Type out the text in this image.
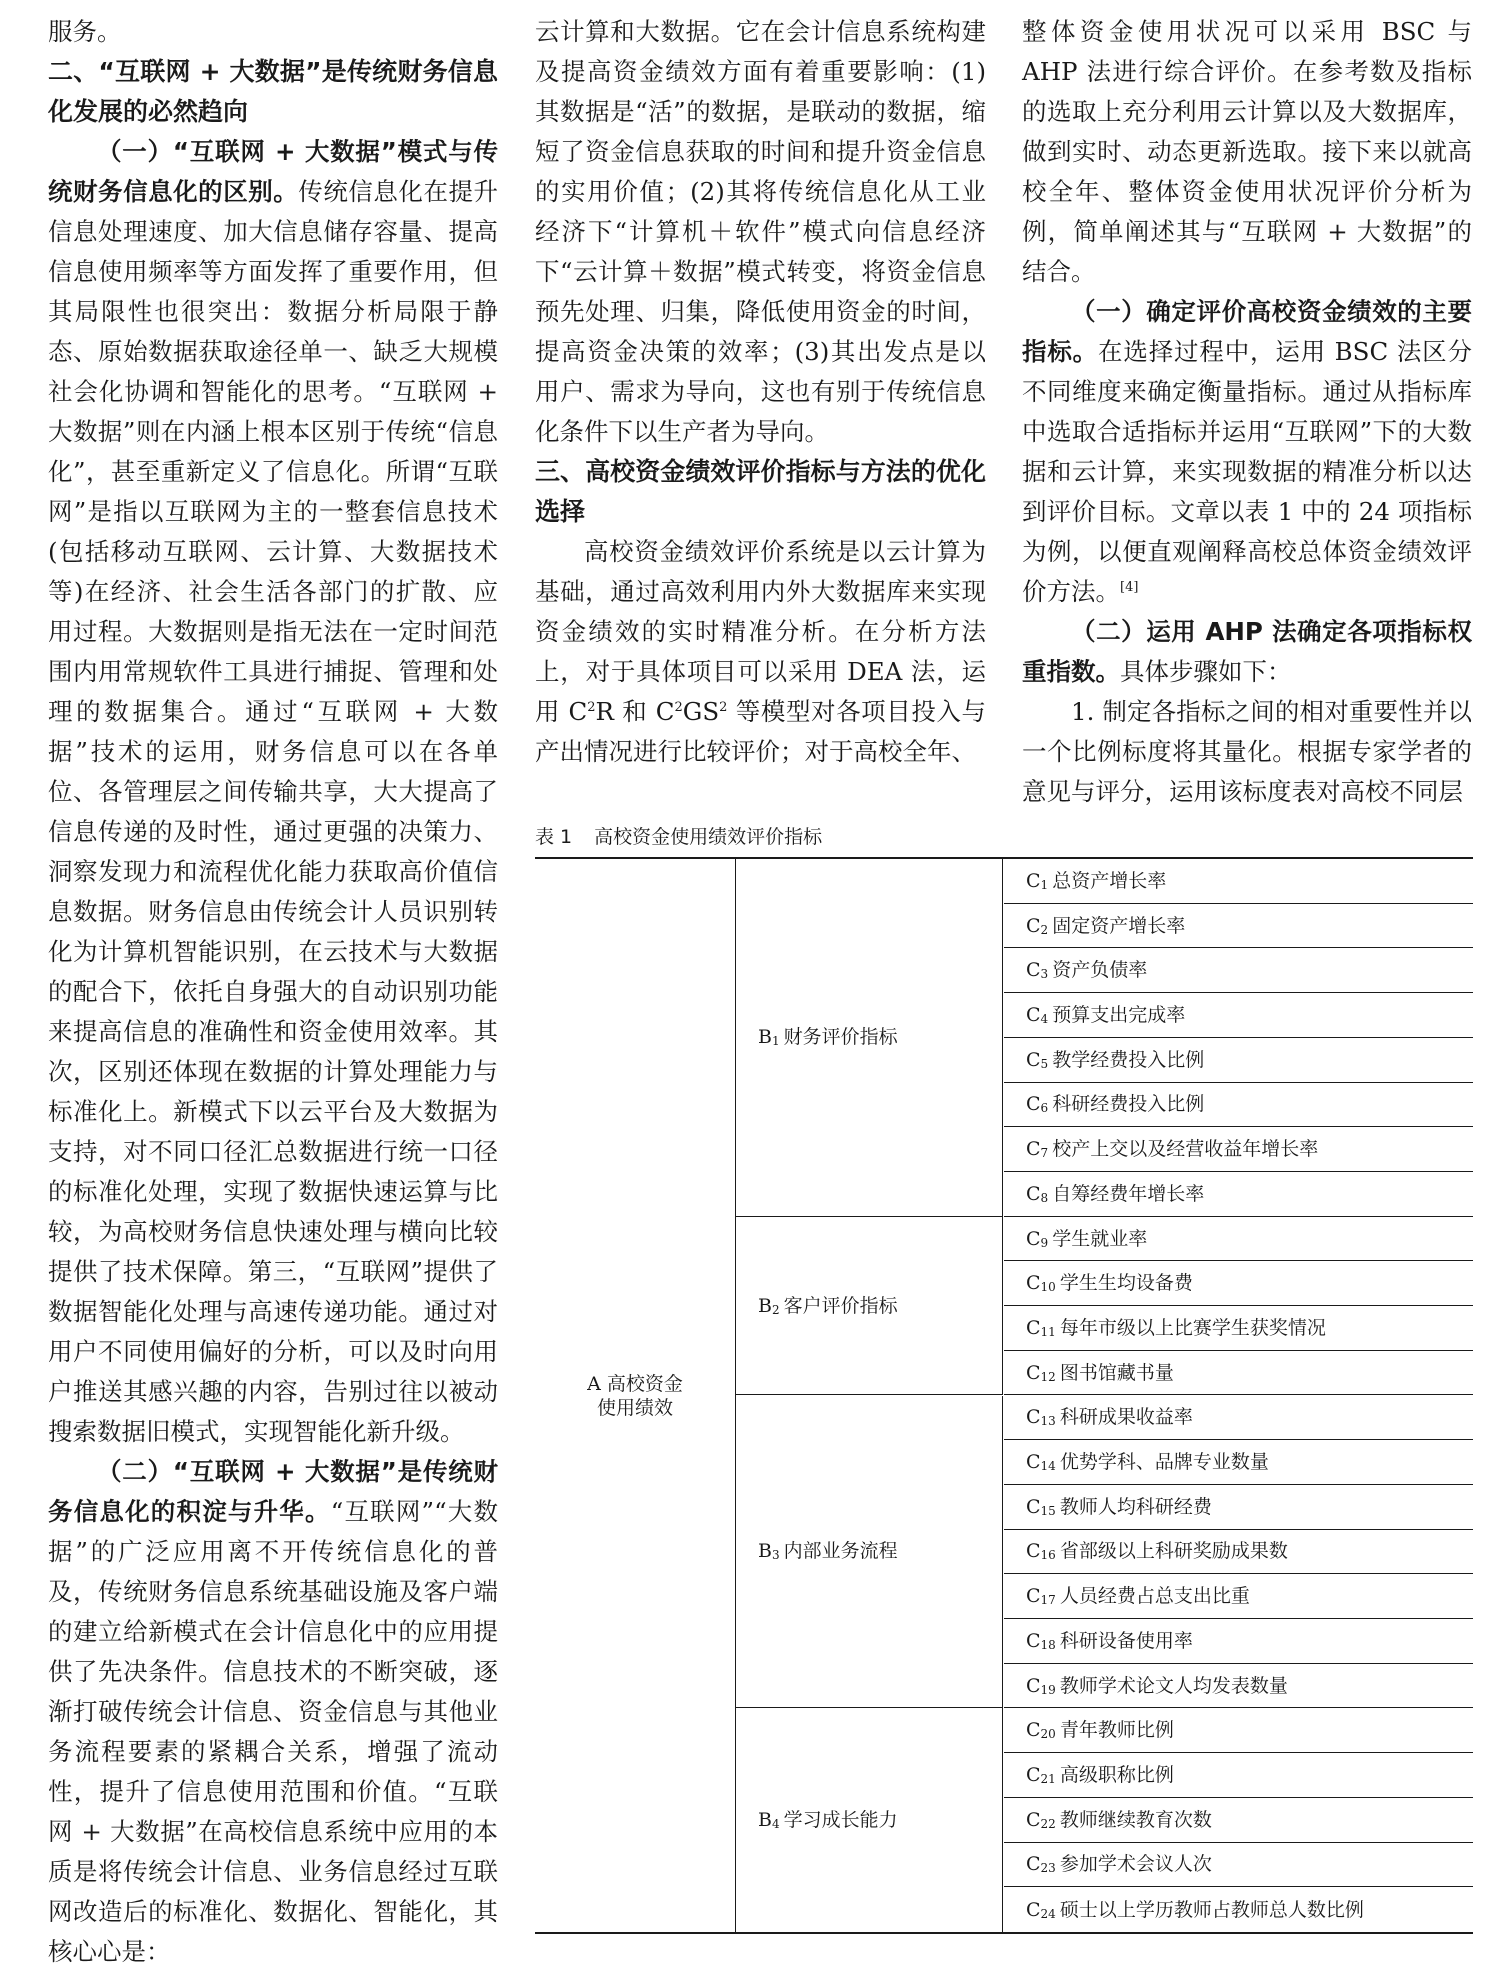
服务。

二、“互联网 + 大数据”是传统财务信息化发展的必然趋向

（一）“互联网 + 大数据”模式与传统财务信息化的区别。传统信息化在提升信息处理速度、加大信息储存容量、提高信息使用频率等方面发挥了重要作用，但其局限性也很突出：数据分析局限于静态、原始数据获取途径单一、缺乏大规模社会化协调和智能化的思考。“互联网 + 大数据”则在内涵上根本区别于传统“信息化”，甚至重新定义了信息化。所谓“互联网”是指以互联网为主的一整套信息技术(包括移动互联网、云计算、大数据技术等)在经济、社会生活各部门的扩散、应用过程。大数据则是指无法在一定时间范围内用常规软件工具进行捕捉、管理和处理的数据集合。通过“互联网 + 大数据”技术的运用，财务信息可以在各单位、各管理层之间传输共享，大大提高了信息传递的及时性，通过更强的决策力、洞察发现力和流程优化能力获取高价值信息数据。财务信息由传统会计人员识别转化为计算机智能识别，在云技术与大数据的配合下，依托自身强大的自动识别功能来提高信息的准确性和资金使用效率。其次，区别还体现在数据的计算处理能力与标准化上。新模式下以云平台及大数据为支持，对不同口径汇总数据进行统一口径的标准化处理，实现了数据快速运算与比较，为高校财务信息快速处理与横向比较提供了技术保障。第三，“互联网”提供了数据智能化处理与高速传递功能。通过对用户不同使用偏好的分析，可以及时向用户推送其感兴趣的内容，告别过往以被动搜索数据旧模式，实现智能化新升级。

（二）“互联网 + 大数据”是传统财务信息化的积淀与升华。“互联网”“大数据”的广泛应用离不开传统信息化的普及，传统财务信息系统基础设施及客户端的建立给新模式在会计信息化中的应用提供了先决条件。信息技术的不断突破，逐渐打破传统会计信息、资金信息与其他业务流程要素的紧耦合关系，增强了流动性，提升了信息使用范围和价值。“互联网 + 大数据”在高校信息系统中应用的本质是将传统会计信息、业务信息经过互联网改造后的标准化、数据化、智能化，其核心心是：

云计算和大数据。它在会计信息系统构建及提高资金绩效方面有着重要影响：(1)其数据是“活”的数据，是联动的数据，缩短了资金信息获取的时间和提升资金信息的实用价值；(2)其将传统信息化从工业经济下“计算机＋软件”模式向信息经济下“云计算＋数据”模式转变，将资金信息预先处理、归集，降低使用资金的时间，提高资金决策的效率；(3)其出发点是以用户、需求为导向，这也有别于传统信息化条件下以生产者为导向。

三、高校资金绩效评价指标与方法的优化选择

高校资金绩效评价系统是以云计算为基础，通过高效利用内外大数据库来实现资金绩效的实时精准分析。在分析方法上，对于具体项目可以采用 DEA 法，运用 $C^2R$ 和 $C^2GS^2$ 等模型对各项目投入与产出情况进行比较评价；对于高校全年、

整体资金使用状况可以采用 BSC 与 AHP 法进行综合评价。在参考数及指标的选取上充分利用云计算以及大数据库，做到实时、动态更新选取。接下来以就高校全年、整体资金使用状况评价分析为例，简单阐述其与“互联网 + 大数据”的结合。

（一）确定评价高校资金绩效的主要指标。在选择过程中，运用 BSC 法区分不同维度来确定衡量指标。通过从指标库中选取合适指标并运用“互联网”下的大数据和云计算，来实现数据的精准分析以达到评价目标。文章以表 1 中的 24 项指标为例，以便直观阐释高校总体资金绩效评价方法。[4]

（二）运用 AHP 法确定各项指标权重指数。具体步骤如下：

1. 制定各指标之间的相对重要性并以一个比例标度将其量化。根据专家学者的意见与评分，运用该标度表对高校不同层

表 1 高校资金使用绩效评价指标
A 高校资金使用绩效
$B_1$ 财务评价指标
$B_2$ 客户评价指标
$B_3$ 内部业务流程
$B_4$ 学习成长能力
$C_1$ 总资产增长率
$C_2$ 固定资产增长率
$C_3$ 资产负债率
$C_4$ 预算支出完成率
$C_5$ 教学经费投入比例
$C_6$ 科研经费投入比例
$C_7$ 校产上交以及经营收益年增长率
$C_8$ 自筹经费年增长率
$C_9$ 学生就业率
$C_{10}$ 学生生均设备费
$C_{11}$ 每年市级以上比赛学生获奖情况
$C_{12}$ 图书馆藏书量
$C_{13}$ 科研成果收益率
$C_{14}$ 优势学科、品牌专业数量
$C_{15}$ 教师人均科研经费
$C_{16}$ 省部级以上科研奖励成果数
$C_{17}$ 人员经费占总支出比重
$C_{18}$ 科研设备使用率
$C_{19}$ 教师学术论文人均发表数量
$C_{20}$ 青年教师比例
$C_{21}$ 高级职称比例
$C_{22}$ 教师继续教育次数
$C_{23}$ 参加学术会议人次
$C_{24}$ 硕士以上学历教师占教师总人数比例
